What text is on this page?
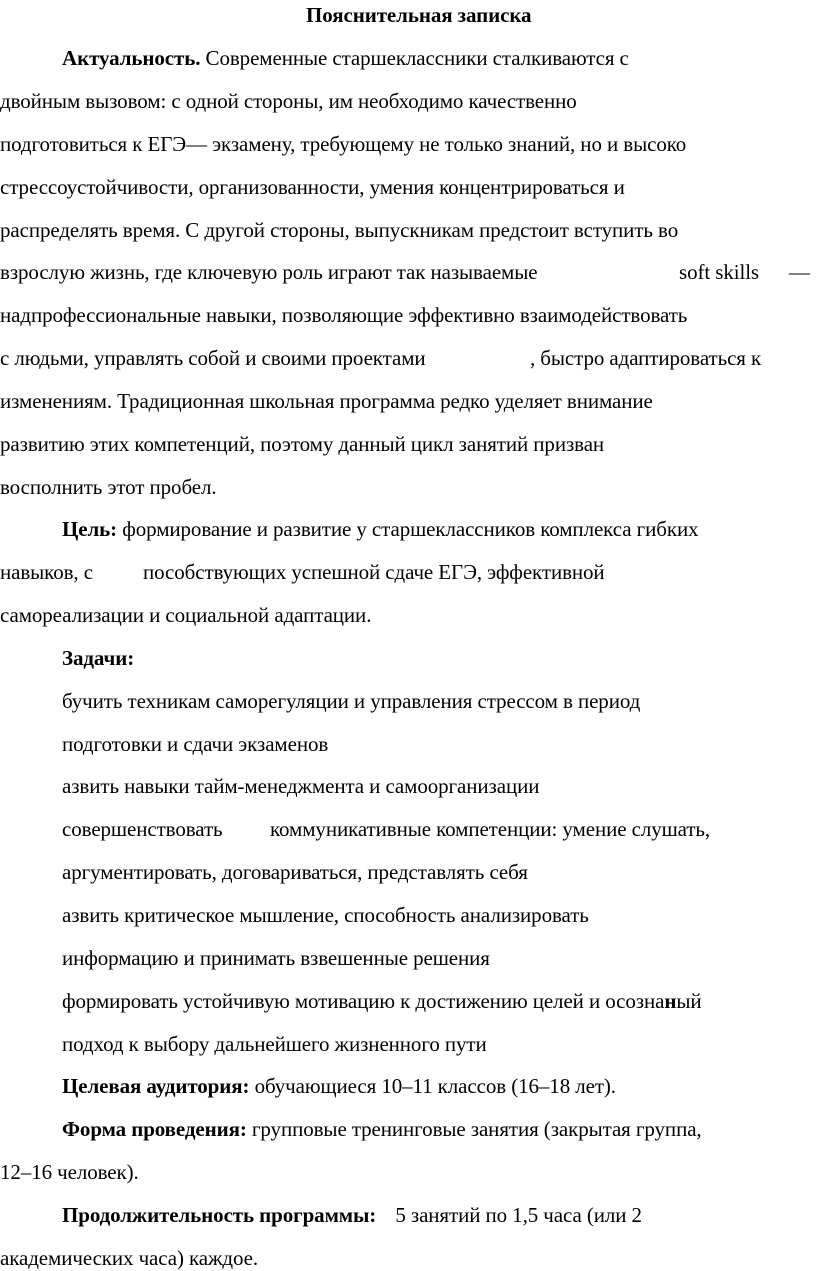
Пояснительная записка
Актуальность. Современные старшеклассники сталкиваются с
двойным вызовом: с одной стороны, им необходимо качественно
подготовиться к ЕГЭ— экзамену, требующему не только знаний, но и высоко
стрессоустойчивости, организованности, умения концентрироваться и
распределять время. С другой стороны, выпускникам предстоит вступить во
взрослую жизнь, где ключевую роль играют так называемые	soft skills —
надпрофессиональные навыки, позволяющие эффективно взаимодействовать
с людьми, управлять собой и своими проектами	, быстро адаптироваться к
изменениям. Традиционная школьная программа редко уделяет внимание
развитию этих компетенций, поэтому данный цикл занятий призван
восполнить этот пробел.
Цель: формирование и развитие у старшеклассников комплекса гибких
навыков, с пособствующих успешной сдаче ЕГЭ, эффективной
самореализации и социальной адаптации.
Задачи:
бучить техникам саморегуляции и управления стрессом в период
подготовки и сдачи экзаменов
азвить навыки тайм-менеджмента и самоорганизации
совершенствовать коммуникативные компетенции: умение слушать,
аргументировать, договариваться, представлять себя
азвить критическое мышление, способность анализировать
информацию и принимать взвешенные решения
формировать устойчивую мотивацию к достижению целей и осознаный
подход к выбору дальнейшего жизненного пути
Целевая аудитория: обучающиеся 10–11 классов (16–18 лет).
Форма проведения: групповые тренинговые занятия (закрытая группа,
12–16 человек).
Продолжительность программы: 5 занятий по 1,5 часа (или 2
академических часа) каждое.
